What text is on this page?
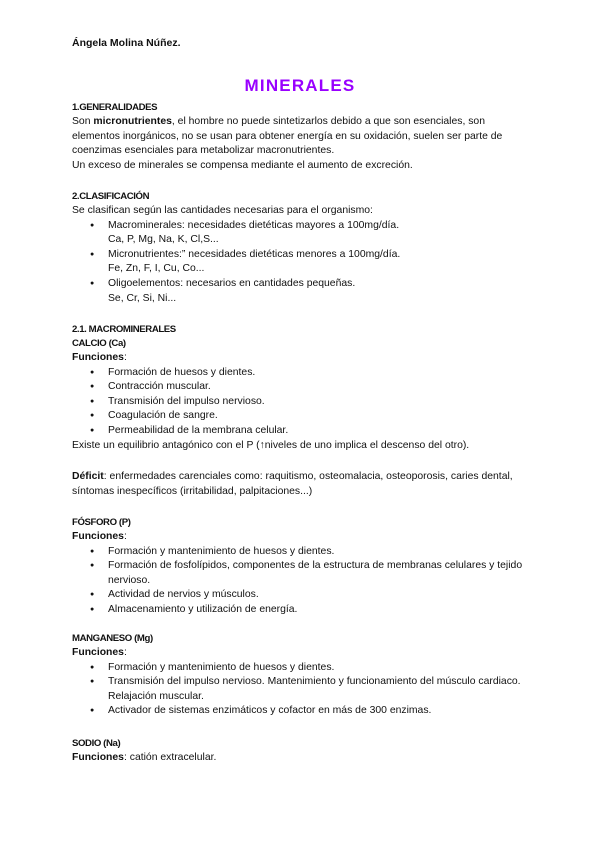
Ángela Molina Núñez.
MINERALES
1.GENERALIDADES
Son micronutrientes, el hombre no puede sintetizarlos debido a que son esenciales, son elementos inorgánicos, no se usan para obtener energía en su oxidación, suelen ser parte de coenzimas esenciales para metabolizar macronutrientes.
Un exceso de minerales se compensa mediante el aumento de excreción.
2.CLASIFICACIÓN
Se clasifican según las cantidades necesarias para el organismo:
● Macrominerales: necesidades dietéticas mayores a 100mg/día.
Ca, P, Mg, Na, K, Cl,S...
● Micronutrientes:” necesidades dietéticas menores a 100mg/día.
Fe, Zn, F, I, Cu, Co...
● Oligoelementos: necesarios en cantidades pequeñas.
Se, Cr, Si, Ni...
2.1. MACROMINERALES
CALCIO (Ca)
Funciones:
● Formación de huesos y dientes.
● Contracción muscular.
● Transmisión del impulso nervioso.
● Coagulación de sangre.
● Permeabilidad de la membrana celular.
Existe un equilibrio antagónico con el P (↑niveles de uno implica el descenso del otro).
Déficit: enfermedades carenciales como: raquitismo, osteomalacia, osteoporosis, caries dental, síntomas inespecíficos (irritabilidad, palpitaciones...)
FÓSFORO (P)
Funciones:
● Formación y mantenimiento de huesos y dientes.
● Formación de fosfolípidos, componentes de la estructura de membranas celulares y tejido nervioso.
● Actividad de nervios y músculos.
● Almacenamiento y utilización de energía.
MANGANESO (Mg)
Funciones:
● Formación y mantenimiento de huesos y dientes.
● Transmisión del impulso nervioso. Mantenimiento y funcionamiento del músculo cardiaco. Relajación muscular.
● Activador de sistemas enzimáticos y cofactor en más de 300 enzimas.
SODIO (Na)
Funciones: catión extracelular.
